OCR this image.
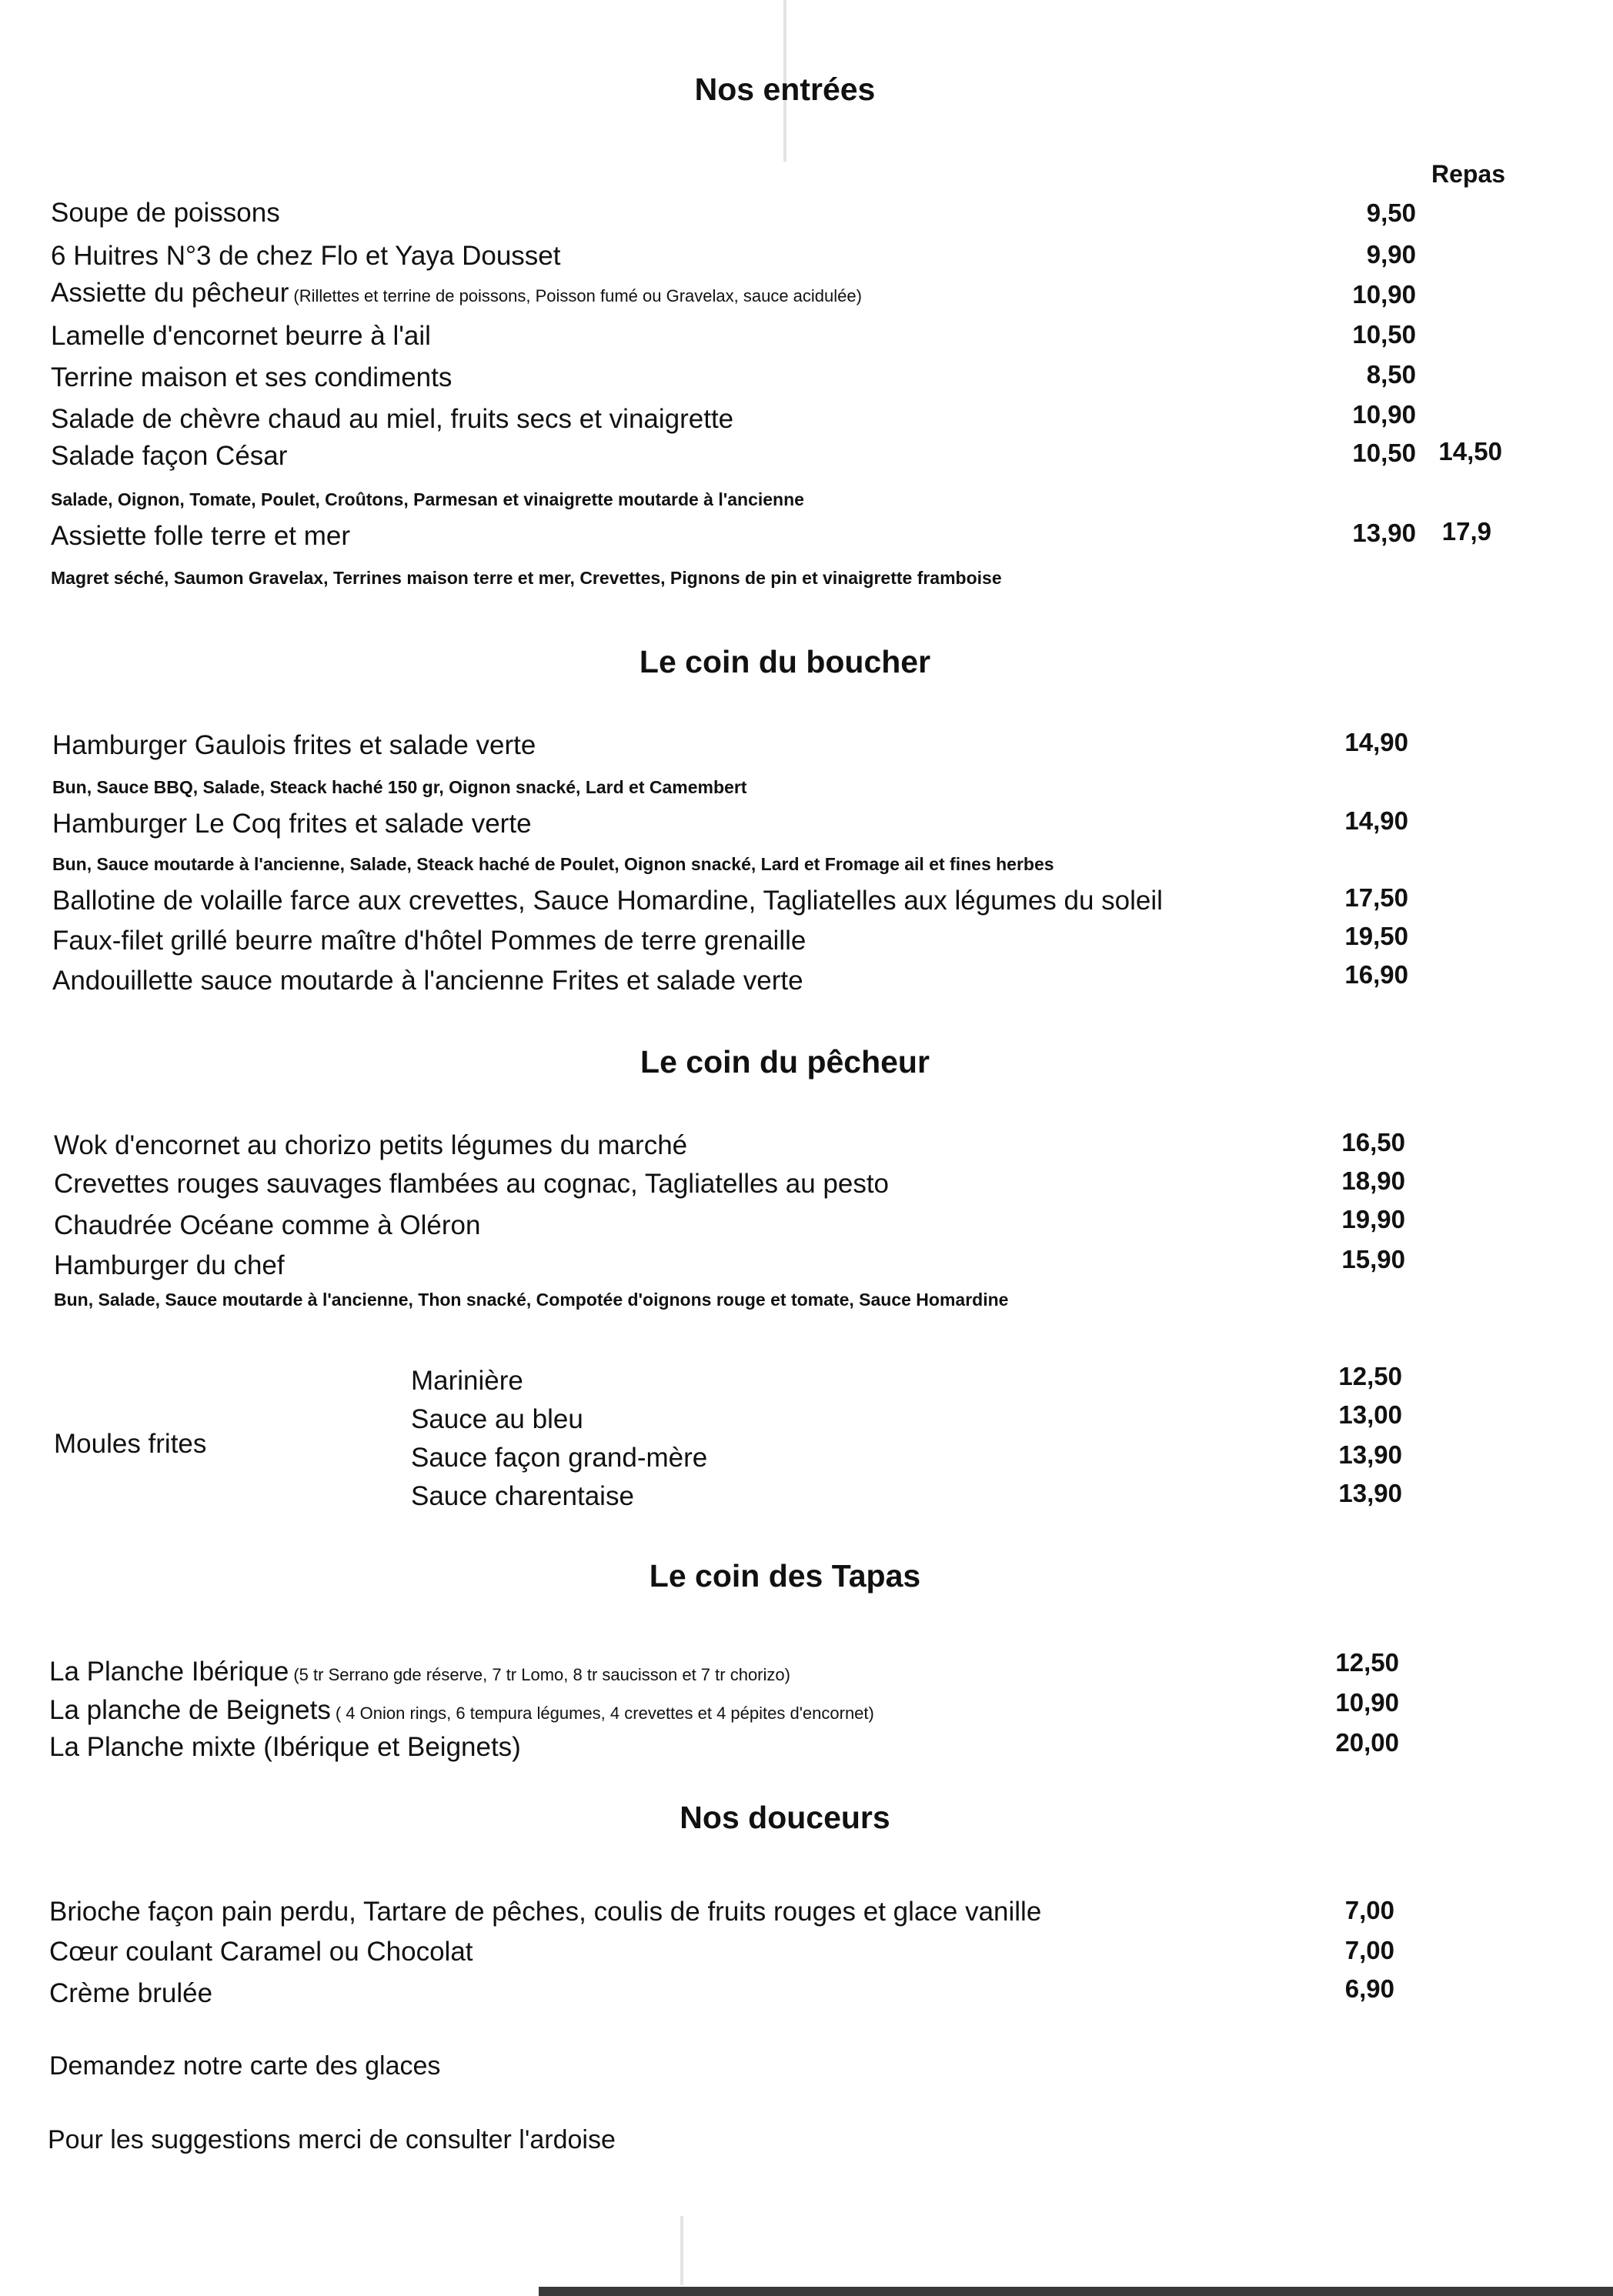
Nos entrées
Repas
Soupe de poissons	9,50
6 Huitres N°3 de chez Flo et Yaya Dousset	9,90
Assiette du pêcheur (Rillettes et terrine de poissons, Poisson fumé ou Gravelax, sauce acidulée)	10,90
Lamelle d'encornet beurre à l'ail	10,50
Terrine maison et ses condiments	8,50
Salade de chèvre chaud au miel, fruits secs et vinaigrette	10,90
Salade façon César	10,50 14,50
Salade, Oignon, Tomate, Poulet, Croûtons, Parmesan et vinaigrette moutarde à l'ancienne
Assiette folle terre et mer	13,90	17,9
Magret séché, Saumon Gravelax, Terrines maison terre et mer, Crevettes, Pignons de pin et vinaigrette framboise
Le coin du boucher
Hamburger Gaulois frites et salade verte	14,90
Bun, Sauce BBQ, Salade, Steack haché 150 gr, Oignon snacké, Lard et Camembert
Hamburger Le Coq frites et salade verte	14,90
Bun, Sauce moutarde à l'ancienne, Salade, Steack haché de Poulet, Oignon snacké, Lard et Fromage ail et fines herbes
Ballotine de volaille farce aux crevettes, Sauce Homardine, Tagliatelles aux légumes du soleil	17,50
Faux-filet grillé beurre maître d'hôtel Pommes de terre grenaille	19,50
Andouillette sauce moutarde à l'ancienne Frites et salade verte	16,90
Le coin du pêcheur
Wok d'encornet au chorizo petits légumes du marché	16,50
Crevettes rouges sauvages flambées au cognac, Tagliatelles au pesto	18,90
Chaudrée Océane comme à Oléron	19,90
Hamburger du chef	15,90
Bun, Salade, Sauce moutarde à l'ancienne, Thon snacké, Compotée d'oignons rouge et tomate, Sauce Homardine
Moules frites
Marinière	12,50
Sauce au bleu	13,00
Sauce façon grand-mère	13,90
Sauce charentaise	13,90
Le coin des Tapas
La Planche Ibérique (5 tr Serrano gde réserve, 7 tr Lomo, 8 tr saucisson et 7 tr chorizo)	12,50
La planche de Beignets ( 4 Onion rings, 6 tempura légumes, 4 crevettes et 4 pépites d'encornet)	10,90
La Planche mixte (Ibérique et Beignets)	20,00
Nos douceurs
Brioche façon pain perdu, Tartare de pêches, coulis de fruits rouges et glace vanille	7,00
Cœur coulant Caramel ou Chocolat	7,00
Crème brulée	6,90
Demandez notre carte des glaces
Pour les suggestions merci de consulter l'ardoise
